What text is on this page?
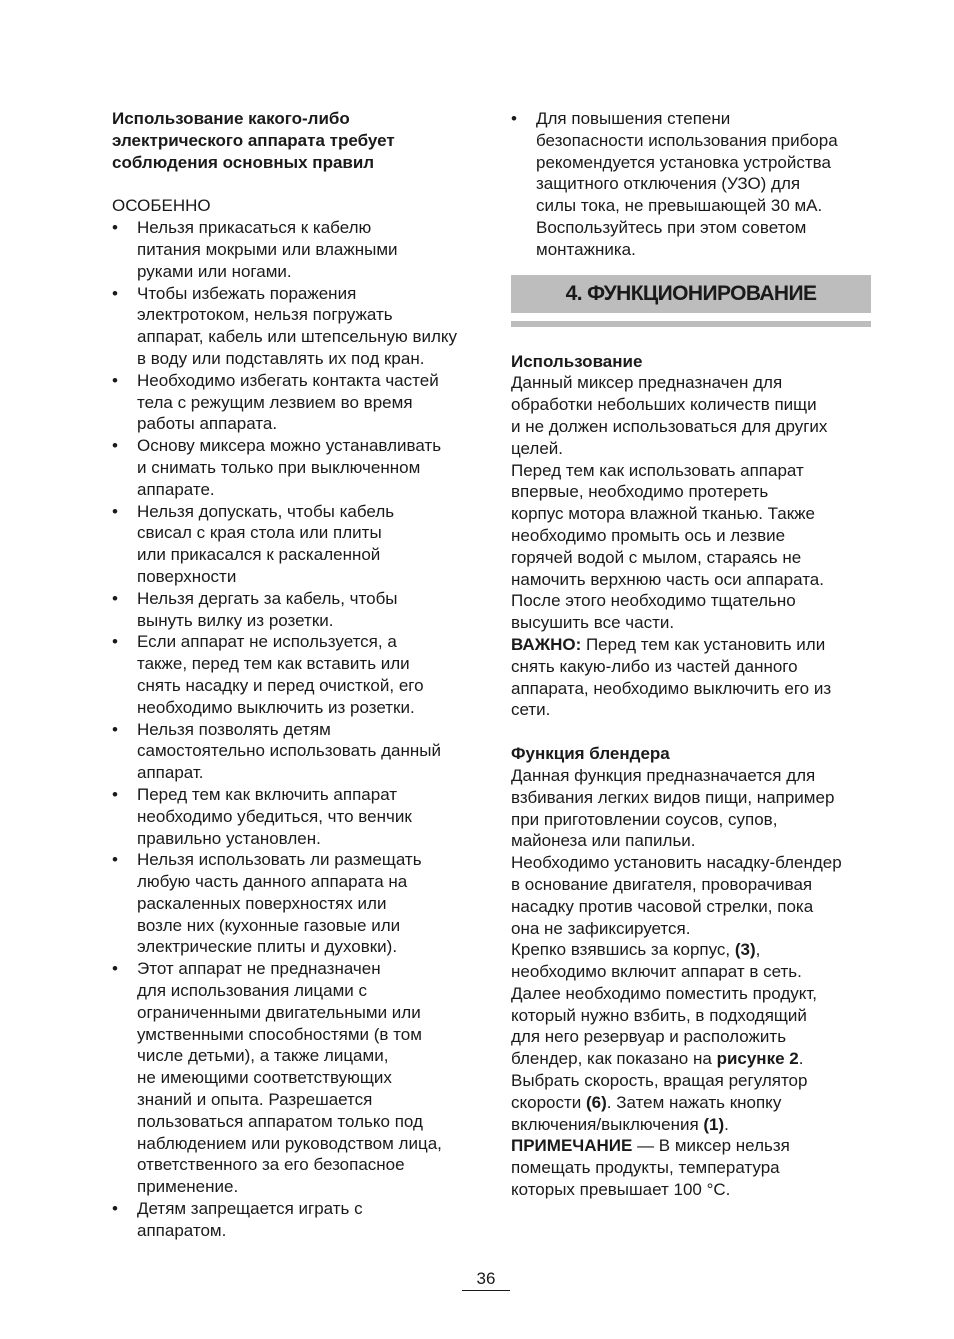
Использование какого-либо
электрического аппарата требует
соблюдения основных правил
ОСОБЕННО
• Нельзя прикасаться к кабелю
питания мокрыми или влажными
руками или ногами.
• Чтобы избежать поражения
электротоком, нельзя погружать
аппарат, кабель или штепсельную вилку
в воду или подставлять их под кран.
• Необходимо избегать контакта частей
тела с режущим лезвием во время
работы аппарата.
• Основу миксера можно устанавливать
и снимать только при выключенном
аппарате.
• Нельзя допускать, чтобы кабель
свисал с края стола или плиты
или прикасался к раскаленной
поверхности
• Нельзя дергать за кабель, чтобы
вынуть вилку из розетки.
• Если аппарат не используется, а
также, перед тем как вставить или
снять насадку и перед очисткой, его
необходимо выключить из розетки.
• Нельзя позволять детям
самостоятельно использовать данный
аппарат.
• Перед тем как включить аппарат
необходимо убедиться, что венчик
правильно установлен.
• Нельзя использовать ли размещать
любую часть данного аппарата на
раскаленных поверхностях или
возле них (кухонные газовые или
электрические плиты и духовки).
• Этот аппарат не предназначен
для использования лицами с
ограниченными двигательными или
умственными способностями (в том
числе детьми), а также лицами,
не имеющими соответствующих
знаний и опыта. Разрешается
пользоваться аппаратом только под
наблюдением или руководством лица,
ответственного за его безопасное
применение.
• Детям запрещается играть с
аппаратом.
• Для повышения степени
безопасности использования прибора
рекомендуется установка устройства
защитного отключения (УЗО) для
силы тока, не превышающей 30 мА.
Воспользуйтесь при этом советом
монтажника.
4. ФУНКЦИОНИРОВАНИЕ
Использование
Данный миксер предназначен для
обработки небольших количеств пищи
и не должен использоваться для других
целей.
Перед тем как использовать аппарат
впервые, необходимо протереть
корпус мотора влажной тканью. Также
необходимо промыть ось и лезвие
горячей водой с мылом, стараясь не
намочить верхнюю часть оси аппарата.
После этого необходимо тщательно
высушить все части.
ВАЖНО: Перед тем как установить или
снять какую-либо из частей данного
аппарата, необходимо выключить его из
сети.
Функция блендера
Данная функция предназначается для
взбивания легких видов пищи, например
при приготовлении соусов, супов,
майонеза или папильи.
Необходимо установить насадку-блендер
в основание двигателя, проворачивая
насадку против часовой стрелки, пока
она не зафиксируется.
Крепко взявшись за корпус, (3),
необходимо включит аппарат в сеть.
Далее необходимо поместить продукт,
который нужно взбить, в подходящий
для него резервуар и расположить
блендер, как показано на рисунке 2.
Выбрать скорость, вращая регулятор
скорости (6). Затем нажать кнопку
включения/выключения (1).
ПРИМЕЧАНИЕ — В миксер нельзя
помещать продукты, температура
которых превышает 100 °C.
36
